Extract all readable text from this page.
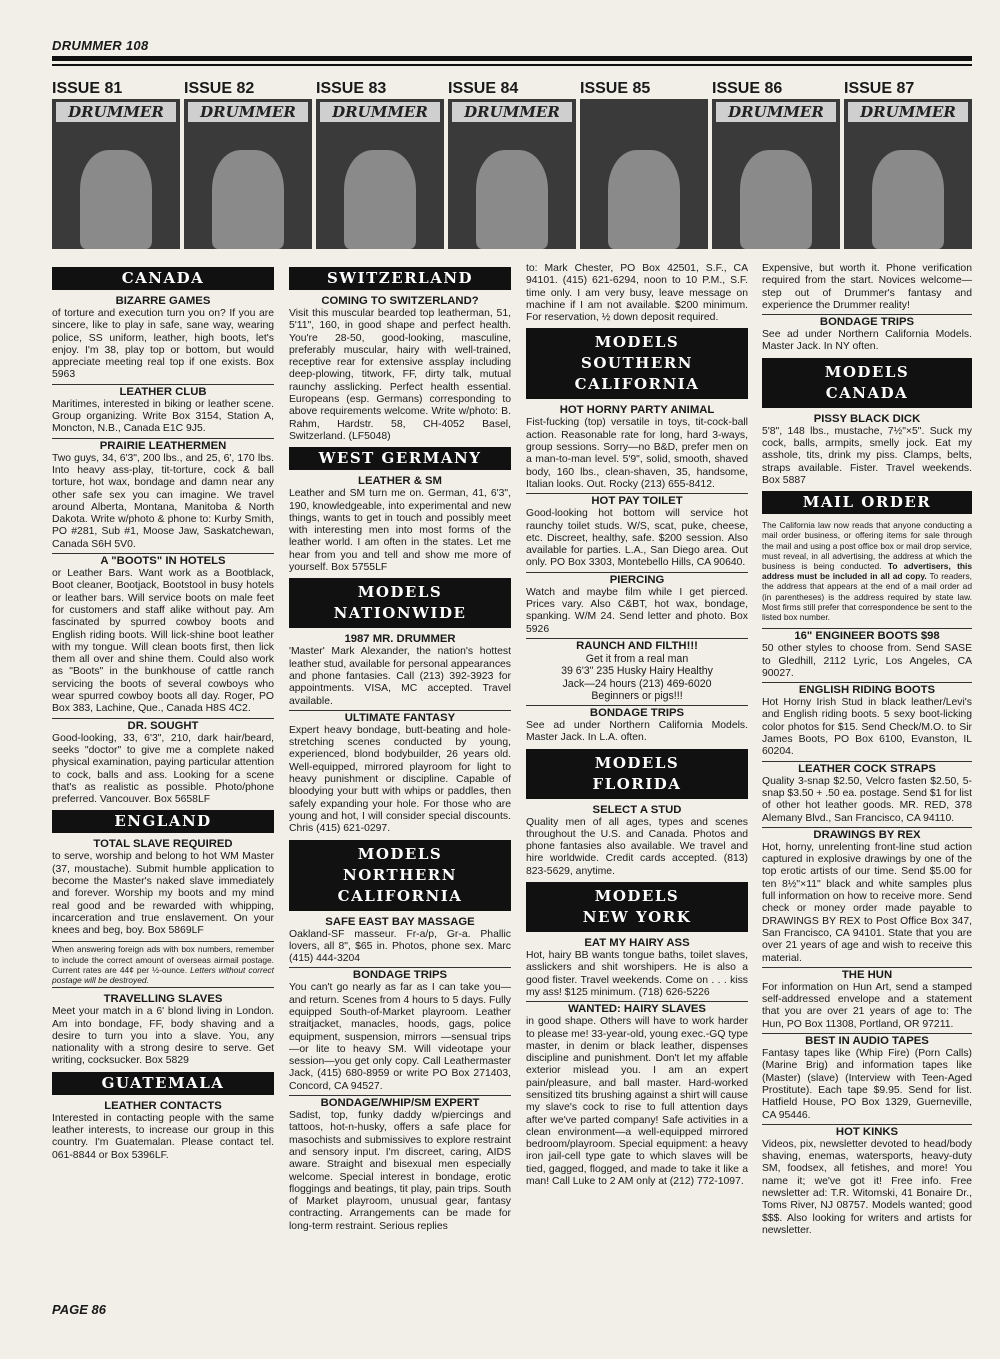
DRUMMER 108
ISSUE 81
DRUMMER
ISSUE 82
DRUMMER
ISSUE 83
DRUMMER
ISSUE 84
DRUMMER
ISSUE 85	ISSUE 86
DRUMMER
ISSUE 87
DRUMMER
CANADA
BIZARRE GAMES

of torture and execution turn you on? If you are sincere, like to play in safe, sane way, wearing police, SS uniform, leather, high boots, let's enjoy. I'm 38, play top or bottom, but would appreciate meeting real top if one exists. Box 5963

LEATHER CLUB

Maritimes, interested in biking or leather scene. Group organizing. Write Box 3154, Station A, Moncton, N.B., Canada E1C 9J5.

PRAIRIE LEATHERMEN

Two guys, 34, 6'3", 200 lbs., and 25, 6', 170 lbs. Into heavy ass-play, tit-torture, cock & ball torture, hot wax, bondage and damn near any other safe sex you can imagine. We travel around Alberta, Montana, Manitoba & North Dakota. Write w/photo & phone to: Kurby Smith, PO #281, Sub #1, Moose Jaw, Saskatchewan, Canada S6H 5V0.

A "BOOTS" IN HOTELS

or Leather Bars. Want work as a Bootblack, Boot cleaner, Bootjack, Bootstool in busy hotels or leather bars. Will service boots on male feet for customers and staff alike without pay. Am fascinated by spurred cowboy boots and English riding boots. Will lick-shine boot leather with my tongue. Will clean boots first, then lick them all over and shine them. Could also work as "Boots" in the bunkhouse of cattle ranch servicing the boots of several cowboys who wear spurred cowboy boots all day. Roger, PO Box 383, Lachine, Que., Canada H8S 4C2.

DR. SOUGHT

Good-looking, 33, 6'3", 210, dark hair/beard, seeks "doctor" to give me a complete naked physical examination, paying particular attention to cock, balls and ass. Looking for a scene that's as realistic as possible. Photo/phone preferred. Vancouver. Box 5658LF

ENGLAND
TOTAL SLAVE REQUIRED

to serve, worship and belong to hot WM Master (37, moustache). Submit humble application to become the Master's naked slave immediately and forever. Worship my boots and my mind real good and be rewarded with whipping, incarceration and true enslavement. On your knees and beg, boy. Box 5869LF

When answering foreign ads with box numbers, remember to include the correct amount of overseas airmail postage. Current rates are 44¢ per ½-ounce. Letters without correct postage will be destroyed.
TRAVELLING SLAVES

Meet your match in a 6' blond living in London. Am into bondage, FF, body shaving and a desire to turn you into a slave. You, any nationality with a strong desire to serve. Get writing, cocksucker. Box 5829

GUATEMALA
LEATHER CONTACTS

Interested in contacting people with the same leather interests, to increase our group in this country. I'm Guatemalan. Please contact tel. 061-8844 or Box 5396LF.

SWITZERLAND
COMING TO SWITZERLAND?

Visit this muscular bearded top leatherman, 51, 5'11", 160, in good shape and perfect health. You're 28-50, good-looking, masculine, preferably muscular, hairy with well-trained, receptive rear for extensive assplay including deep-plowing, titwork, FF, dirty talk, mutual raunchy asslicking. Perfect health essential. Europeans (esp. Germans) corresponding to above requirements welcome. Write w/photo: B. Rahm, Hardstr. 58, CH-4052 Basel, Switzerland. (LF5048)

WEST GERMANY
LEATHER & SM

Leather and SM turn me on. German, 41, 6'3", 190, knowledgeable, into experimental and new things, wants to get in touch and possibly meet with interesting men into most forms of the leather world. I am often in the states. Let me hear from you and tell and show me more of yourself. Box 5755LF

MODELS
NATIONWIDE
1987 MR. DRUMMER

'Master' Mark Alexander, the nation's hottest leather stud, available for personal appearances and phone fantasies. Call (213) 392-3923 for appointments. VISA, MC accepted. Travel available.

ULTIMATE FANTASY

Expert heavy bondage, butt-beating and hole-stretching scenes conducted by young, experienced, blond bodybuilder, 26 years old. Well-equipped, mirrored playroom for light to heavy punishment or discipline. Capable of bloodying your butt with whips or paddles, then safely expanding your hole. For those who are young and hot, I will consider special discounts. Chris (415) 621-0297.

MODELS
NORTHERN
CALIFORNIA
SAFE EAST BAY MASSAGE

Oakland-SF masseur. Fr-a/p, Gr-a. Phallic lovers, all 8", $65 in. Photos, phone sex. Marc (415) 444-3204

BONDAGE TRIPS

You can't go nearly as far as I can take you—and return. Scenes from 4 hours to 5 days. Fully equipped South-of-Market playroom. Leather straitjacket, manacles, hoods, gags, police equipment, suspension, mirrors —sensual trips—or lite to heavy SM. Will videotape your session—you get only copy. Call Leathermaster Jack, (415) 680-8959 or write PO Box 271403, Concord, CA 94527.

BONDAGE/WHIP/SM EXPERT

Sadist, top, funky daddy w/piercings and tattoos, hot-n-husky, offers a safe place for masochists and submissives to explore restraint and sensory input. I'm discreet, caring, AIDS aware. Straight and bisexual men especially welcome. Special interest in bondage, erotic floggings and beatings, tit play, pain trips. South of Market playroom, unusual gear, fantasy contracting. Arrangements can be made for long-term restraint. Serious replies

to: Mark Chester, PO Box 42501, S.F., CA 94101. (415) 621-6294, noon to 10 P.M., S.F. time only. I am very busy, leave message on machine if I am not available. $200 minimum. For reservation, ½ down deposit required.

MODELS
SOUTHERN
CALIFORNIA
HOT HORNY PARTY ANIMAL

Fist-fucking (top) versatile in toys, tit-cock-ball action. Reasonable rate for long, hard 3-ways, group sessions. Sorry—no B&D, prefer men on a man-to-man level. 5'9", solid, smooth, shaved body, 160 lbs., clean-shaven, 35, handsome, Italian looks. Out. Rocky (213) 655-8412.

HOT PAY TOILET

Good-looking hot bottom will service hot raunchy toilet studs. W/S, scat, puke, cheese, etc. Discreet, healthy, safe. $200 session. Also available for parties. L.A., San Diego area. Out only. PO Box 3303, Montebello Hills, CA 90640.

PIERCING

Watch and maybe film while I get pierced. Prices vary. Also C&BT, hot wax, bondage, spanking. W/M 24. Send letter and photo. Box 5926

RAUNCH AND FILTH!!!
Get it from a real man
39 6'3" 235 Husky Hairy Healthy
Jack—24 hours (213) 469-6020
Beginners or pigs!!!
BONDAGE TRIPS

See ad under Northern California Models. Master Jack. In L.A. often.

MODELS
FLORIDA
SELECT A STUD

Quality men of all ages, types and scenes throughout the U.S. and Canada. Photos and phone fantasies also available. We travel and hire worldwide. Credit cards accepted. (813) 823-5629, anytime.

MODELS
NEW YORK
EAT MY HAIRY ASS

Hot, hairy BB wants tongue baths, toilet slaves, asslickers and shit worshipers. He is also a good fister. Travel weekends. Come on . . . kiss my ass! $125 minimum. (718) 626-5226

WANTED: HAIRY SLAVES

in good shape. Others will have to work harder to please me! 33-year-old, young exec.-GQ type master, in denim or black leather, dispenses discipline and punishment. Don't let my affable exterior mislead you. I am an expert pain/pleasure, and ball master. Hard-worked sensitized tits brushing against a shirt will cause my slave's cock to rise to full attention days after we've parted company! Safe activities in a clean environment—a well-equipped mirrored bedroom/playroom. Special equipment: a heavy iron jail-cell type gate to which slaves will be tied, gagged, flogged, and made to take it like a man! Call Luke to 2 AM only at (212) 772-1097.

Expensive, but worth it. Phone verification required from the start. Novices welcome—step out of Drummer's fantasy and experience the Drummer reality!

BONDAGE TRIPS

See ad under Northern California Models. Master Jack. In NY often.

MODELS
CANADA
PISSY BLACK DICK

5'8", 148 lbs., mustache, 7½"×5". Suck my cock, balls, armpits, smelly jock. Eat my asshole, tits, drink my piss. Clamps, belts, straps available. Fister. Travel weekends. Box 5887

MAIL ORDER
The California law now reads that anyone conducting a mail order business, or offering items for sale through the mail and using a post office box or mail drop service, must reveal, in all advertising, the address at which the business is being conducted. To advertisers, this address must be included in all ad copy. To readers, the address that appears at the end of a mail order ad (in parentheses) is the address required by state law. Most firms still prefer that correspondence be sent to the listed box number.
16" ENGINEER BOOTS $98

50 other styles to choose from. Send SASE to Gledhill, 2112 Lyric, Los Angeles, CA 90027.

ENGLISH RIDING BOOTS

Hot Horny Irish Stud in black leather/Levi's and English riding boots. 5 sexy boot-licking color photos for $15. Send Check/M.O. to Sir James Boots, PO Box 6100, Evanston, IL 60204.

LEATHER COCK STRAPS

Quality 3-snap $2.50, Velcro fasten $2.50, 5-snap $3.50 + .50 ea. postage. Send $1 for list of other hot leather goods. MR. RED, 378 Alemany Blvd., San Francisco, CA 94110.

DRAWINGS BY REX

Hot, horny, unrelenting front-line stud action captured in explosive drawings by one of the top erotic artists of our time. Send $5.00 for ten 8½"×11" black and white samples plus full information on how to receive more. Send check or money order made payable to DRAWINGS BY REX to Post Office Box 347, San Francisco, CA 94101. State that you are over 21 years of age and wish to receive this material.

THE HUN

For information on Hun Art, send a stamped self-addressed envelope and a statement that you are over 21 years of age to: The Hun, PO Box 11308, Portland, OR 97211.

BEST IN AUDIO TAPES

Fantasy tapes like (Whip Fire) (Porn Calls) (Marine Brig) and information tapes like (Master) (slave) (Interview with Teen-Aged Prostitute). Each tape $9.95. Send for list. Hatfield House, PO Box 1329, Guerneville, CA 95446.

HOT KINKS

Videos, pix, newsletter devoted to head/body shaving, enemas, watersports, heavy-duty SM, foodsex, all fetishes, and more! You name it; we've got it! Free info. Free newsletter ad: T.R. Witomski, 41 Bonaire Dr., Toms River, NJ 08757. Models wanted; good $$$. Also looking for writers and artists for newsletter.

PAGE 86
